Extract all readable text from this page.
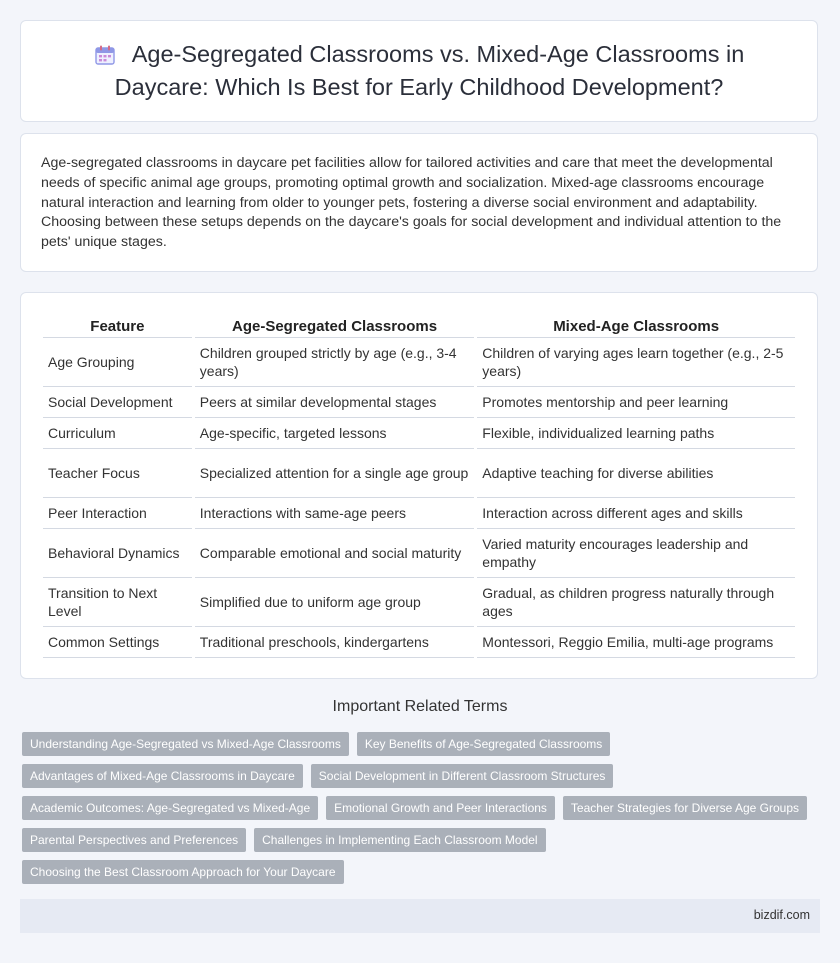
Age-Segregated Classrooms vs. Mixed-Age Classrooms in Daycare: Which Is Best for Early Childhood Development?

Age-segregated classrooms in daycare pet facilities allow for tailored activities and care that meet the developmental needs of specific animal age groups, promoting optimal growth and socialization. Mixed-age classrooms encourage natural interaction and learning from older to younger pets, fostering a diverse social environment and adaptability. Choosing between these setups depends on the daycare's goals for social development and individual attention to the pets' unique stages.

Feature	Age-Segregated Classrooms	Mixed-Age Classrooms
Age Grouping	Children grouped strictly by age (e.g., 3-4 years)	Children of varying ages learn together (e.g., 2-5 years)
Social Development	Peers at similar developmental stages	Promotes mentorship and peer learning
Curriculum	Age-specific, targeted lessons	Flexible, individualized learning paths
Teacher Focus	Specialized attention for a single age group	Adaptive teaching for diverse abilities
Peer Interaction	Interactions with same-age peers	Interaction across different ages and skills
Behavioral Dynamics	Comparable emotional and social maturity	Varied maturity encourages leadership and empathy
Transition to Next Level	Simplified due to uniform age group	Gradual, as children progress naturally through ages
Common Settings	Traditional preschools, kindergartens	Montessori, Reggio Emilia, multi-age programs
Important Related Terms
Understanding Age-Segregated vs Mixed-Age Classrooms	Key Benefits of Age-Segregated Classrooms
Advantages of Mixed-Age Classrooms in Daycare	Social Development in Different Classroom Structures
Academic Outcomes: Age-Segregated vs Mixed-Age	Emotional Growth and Peer Interactions	Teacher Strategies for Diverse Age Groups
Parental Perspectives and Preferences	Challenges in Implementing Each Classroom Model
Choosing the Best Classroom Approach for Your Daycare
bizdif.com
